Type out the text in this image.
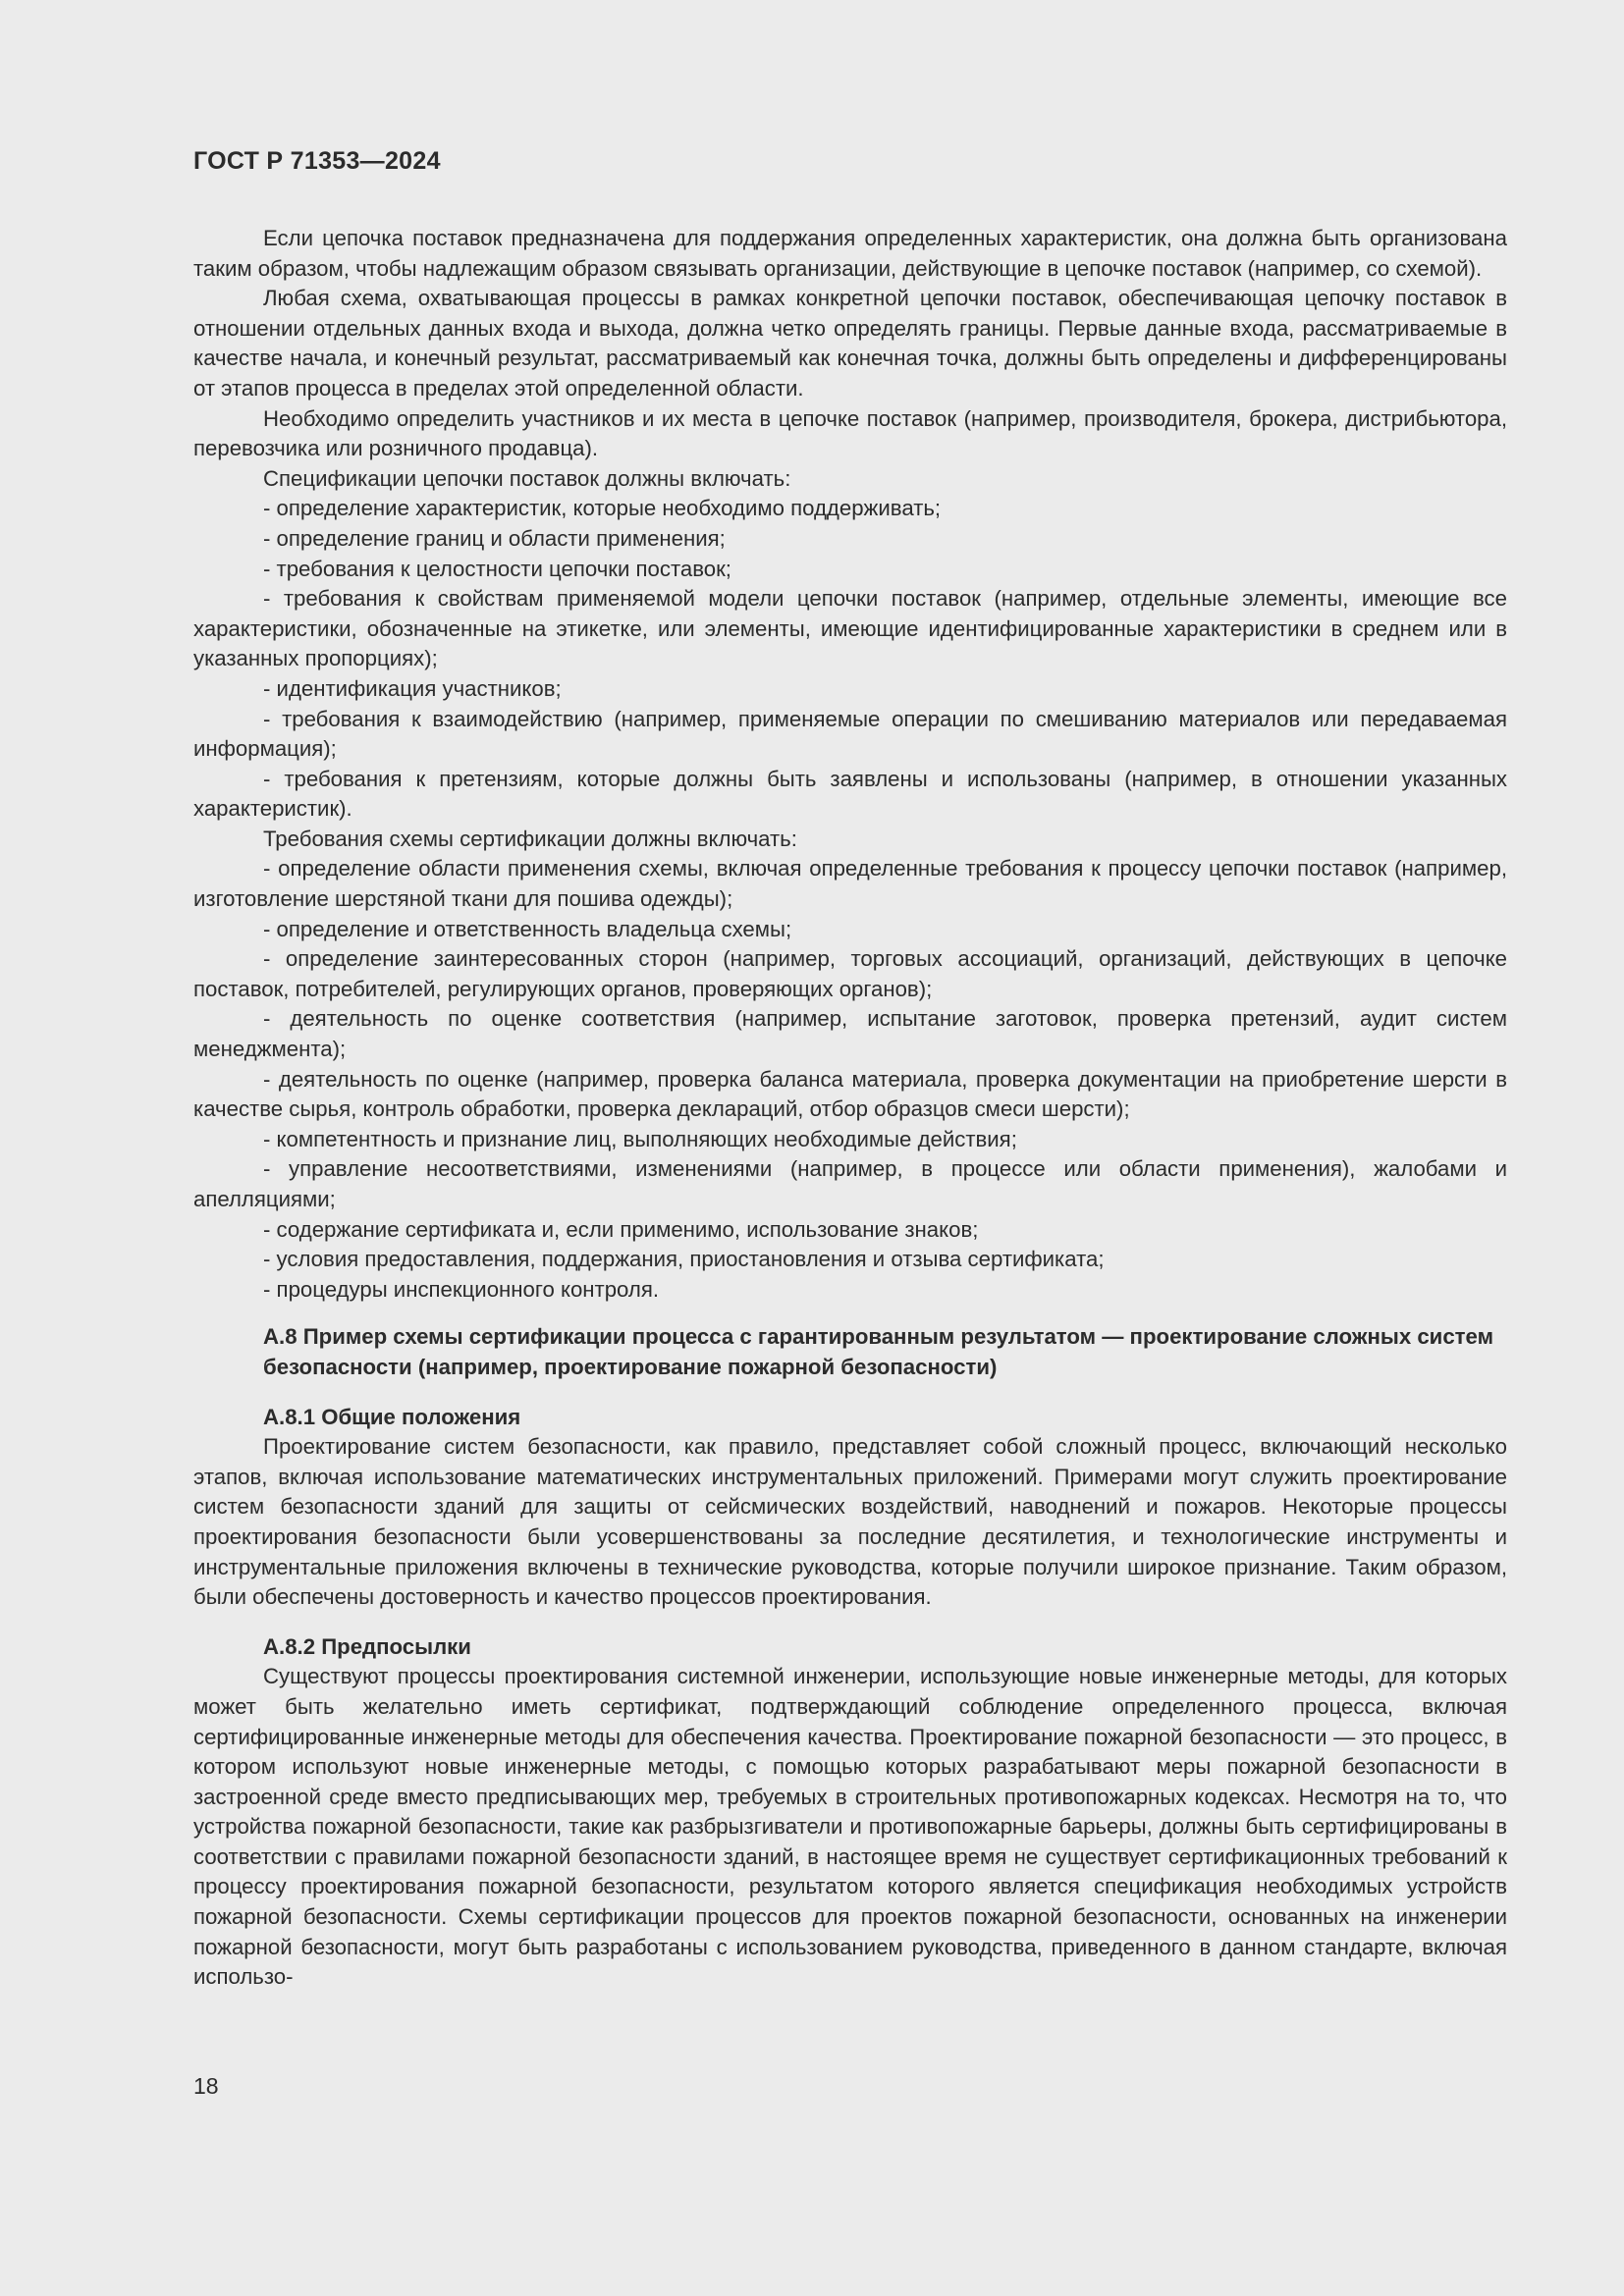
ГОСТ Р 71353—2024

Если цепочка поставок предназначена для поддержания определенных характеристик, она должна быть организована таким образом, чтобы надлежащим образом связывать организации, действующие в цепочке поставок (например, со схемой).

Любая схема, охватывающая процессы в рамках конкретной цепочки поставок, обеспечивающая цепочку поставок в отношении отдельных данных входа и выхода, должна четко определять границы. Первые данные входа, рассматриваемые в качестве начала, и конечный результат, рассматриваемый как конечная точка, должны быть определены и дифференцированы от этапов процесса в пределах этой определенной области.

Необходимо определить участников и их места в цепочке поставок (например, производителя, брокера, дистрибьютора, перевозчика или розничного продавца).

Спецификации цепочки поставок должны включать:

- определение характеристик, которые необходимо поддерживать;

- определение границ и области применения;

- требования к целостности цепочки поставок;

- требования к свойствам применяемой модели цепочки поставок (например, отдельные элементы, имеющие все характеристики, обозначенные на этикетке, или элементы, имеющие идентифицированные характеристики в среднем или в указанных пропорциях);

- идентификация участников;

- требования к взаимодействию (например, применяемые операции по смешиванию материалов или передаваемая информация);

- требования к претензиям, которые должны быть заявлены и использованы (например, в отношении указанных характеристик).

Требования схемы сертификации должны включать:

- определение области применения схемы, включая определенные требования к процессу цепочки поставок (например, изготовление шерстяной ткани для пошива одежды);

- определение и ответственность владельца схемы;

- определение заинтересованных сторон (например, торговых ассоциаций, организаций, действующих в цепочке поставок, потребителей, регулирующих органов, проверяющих органов);

- деятельность по оценке соответствия (например, испытание заготовок, проверка претензий, аудит систем менеджмента);

- деятельность по оценке (например, проверка баланса материала, проверка документации на приобретение шерсти в качестве сырья, контроль обработки, проверка деклараций, отбор образцов смеси шерсти);

- компетентность и признание лиц, выполняющих необходимые действия;

- управление несоответствиями, изменениями (например, в процессе или области применения), жалобами и апелляциями;

- содержание сертификата и, если применимо, использование знаков;

- условия предоставления, поддержания, приостановления и отзыва сертификата;

- процедуры инспекционного контроля.

А.8 Пример схемы сертификации процесса с гарантированным результатом — проектирование сложных систем безопасности (например, проектирование пожарной безопасности)
А.8.1 Общие положения

Проектирование систем безопасности, как правило, представляет собой сложный процесс, включающий несколько этапов, включая использование математических инструментальных приложений. Примерами могут служить проектирование систем безопасности зданий для защиты от сейсмических воздействий, наводнений и пожаров. Некоторые процессы проектирования безопасности были усовершенствованы за последние десятилетия, и технологические инструменты и инструментальные приложения включены в технические руководства, которые получили широкое признание. Таким образом, были обеспечены достоверность и качество процессов проектирования.

А.8.2 Предпосылки

Существуют процессы проектирования системной инженерии, использующие новые инженерные методы, для которых может быть желательно иметь сертификат, подтверждающий соблюдение определенного процесса, включая сертифицированные инженерные методы для обеспечения качества. Проектирование пожарной безопасности — это процесс, в котором используют новые инженерные методы, с помощью которых разрабатывают меры пожарной безопасности в застроенной среде вместо предписывающих мер, требуемых в строительных противопожарных кодексах. Несмотря на то, что устройства пожарной безопасности, такие как разбрызгиватели и противопожарные барьеры, должны быть сертифицированы в соответствии с правилами пожарной безопасности зданий, в настоящее время не существует сертификационных требований к процессу проектирования пожарной безопасности, результатом которого является спецификация необходимых устройств пожарной безопасности. Схемы сертификации процессов для проектов пожарной безопасности, основанных на инженерии пожарной безопасности, могут быть разработаны с использованием руководства, приведенного в данном стандарте, включая использо-

18
